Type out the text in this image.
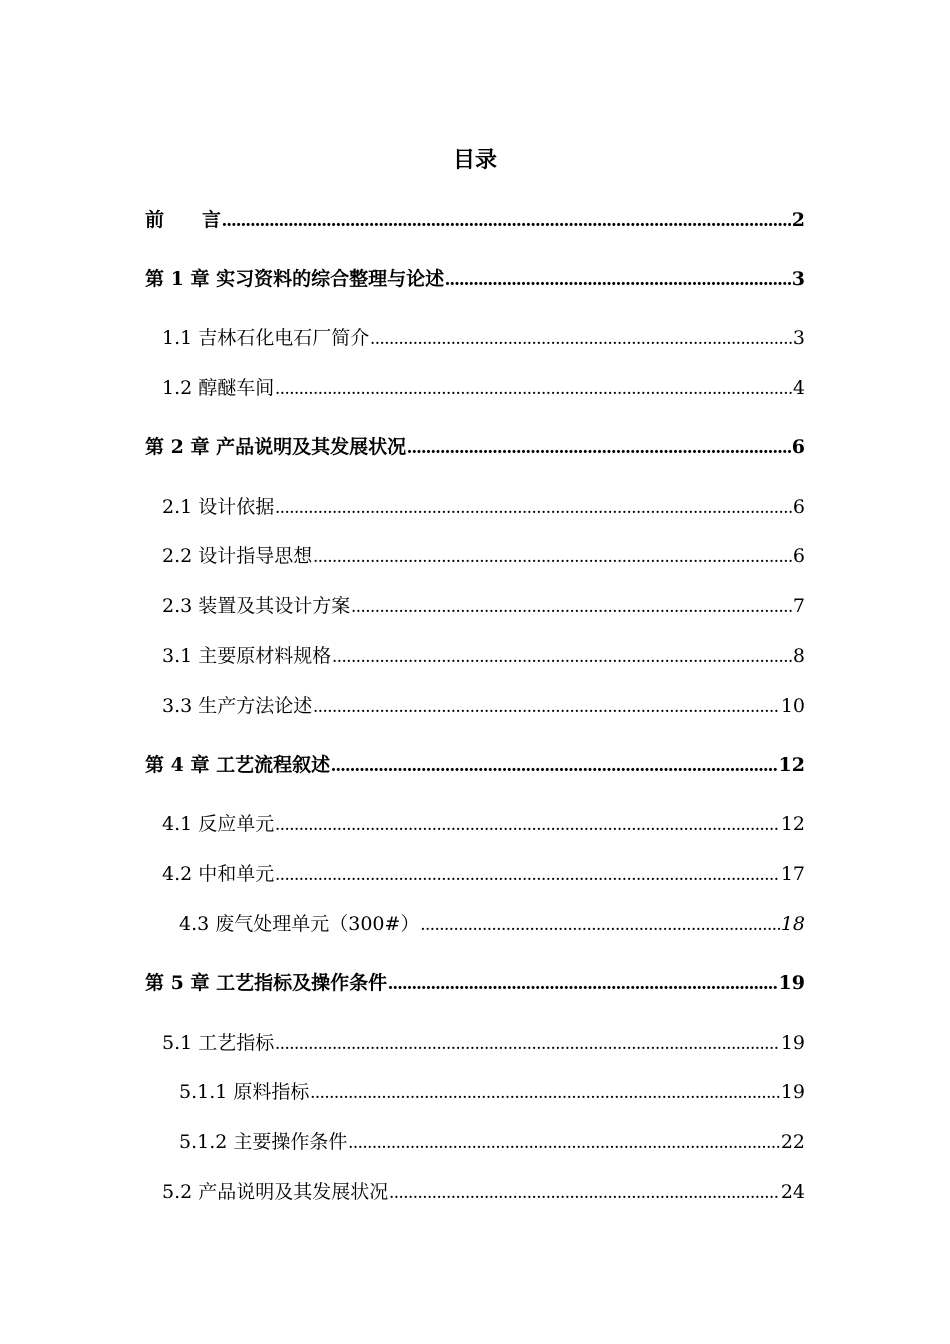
目录
前　　言 .....	2
第 1 章 实习资料的综合整理与论述 .....	3
1.1 吉林石化电石厂简介 .....	3
1.2 醇醚车间 .....	4
第 2 章 产品说明及其发展状况 .....	6
2.1 设计依据 .....	6
2.2 设计指导思想 .....	6
2.3 装置及其设计方案 .....	7
3.1 主要原材料规格 .....	8
3.3 生产方法论述 .....	10
第 4 章 工艺流程叙述 .....	12
4.1 反应单元 .....	12
4.2 中和单元 .....	17
4.3 废气处理单元（300#） .....	18
第 5 章 工艺指标及操作条件 .....	19
5.1 工艺指标 .....	19
5.1.1 原料指标 .....	19
5.1.2 主要操作条件 .....	22
5.2 产品说明及其发展状况 .....	24
